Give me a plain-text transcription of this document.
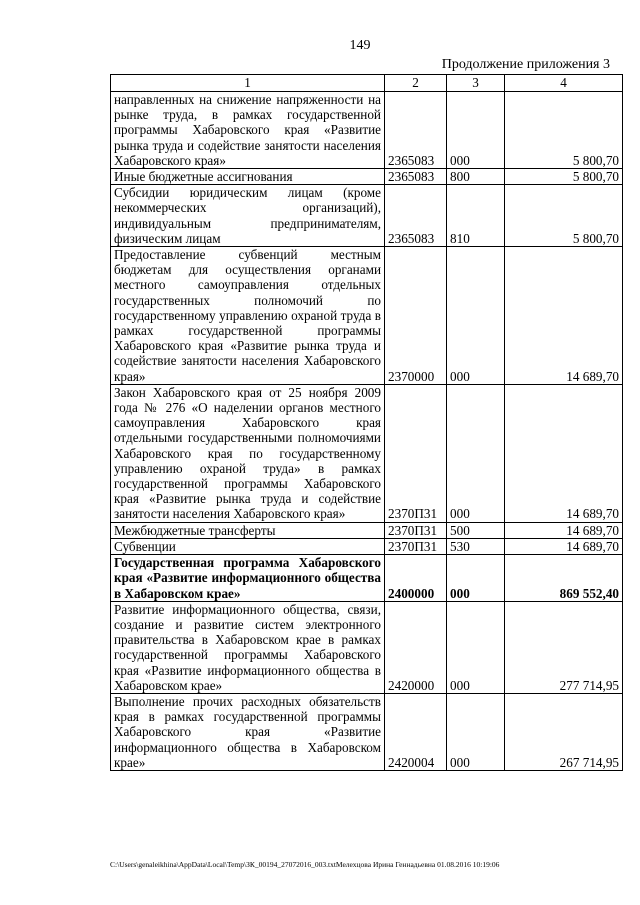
149
Продолжение приложения 3
1	2	3	4
направленных на снижение напряженности на рынке труда, в рамках государственной программы Хабаровского края «Развитие рынка труда и содействие занятости населения Хабаровского края»	2365083	000	5 800,70
Иные бюджетные ассигнования	2365083	800	5 800,70
Субсидии юридическим лицам (кроме некоммерческих организаций), индивидуальным предпринимателям, физическим лицам	2365083	810	5 800,70
Предоставление субвенций местным бюджетам для осуществления органами местного самоуправления отдельных государственных полномочий по государственному управлению охраной труда в рамках государственной программы Хабаровского края «Развитие рынка труда и содействие занятости населения Хабаровского края»	2370000	000	14 689,70
Закон Хабаровского края от 25 ноября 2009 года № 276 «О наделении органов местного самоуправления Хабаровского края отдельными государственными полномочиями Хабаровского края по государственному управлению охраной труда» в рамках государственной программы Хабаровского края «Развитие рынка труда и содействие занятости населения Хабаровского края»	2370П31	000	14 689,70
Межбюджетные трансферты	2370П31	500	14 689,70
Субвенции	2370П31	530	14 689,70
Государственная программа Хабаровского края «Развитие информационного общества в Хабаровском крае»	2400000	000	869 552,40
Развитие информационного общества, связи, создание и развитие систем электронного правительства в Хабаровском крае в рамках государственной программы Хабаровского края «Развитие информационного общества в Хабаровском крае»	2420000	000	277 714,95
Выполнение прочих расходных обязательств края в рамках государственной программы Хабаровского края «Развитие информационного общества в Хабаровском крае»	2420004	000	267 714,95
C:\Users\genaleikhina\AppData\Local\Temp\ЗК_00194_27072016_003.txtМелехцова Ирина Геннадьевна 01.08.2016 10:19:06
